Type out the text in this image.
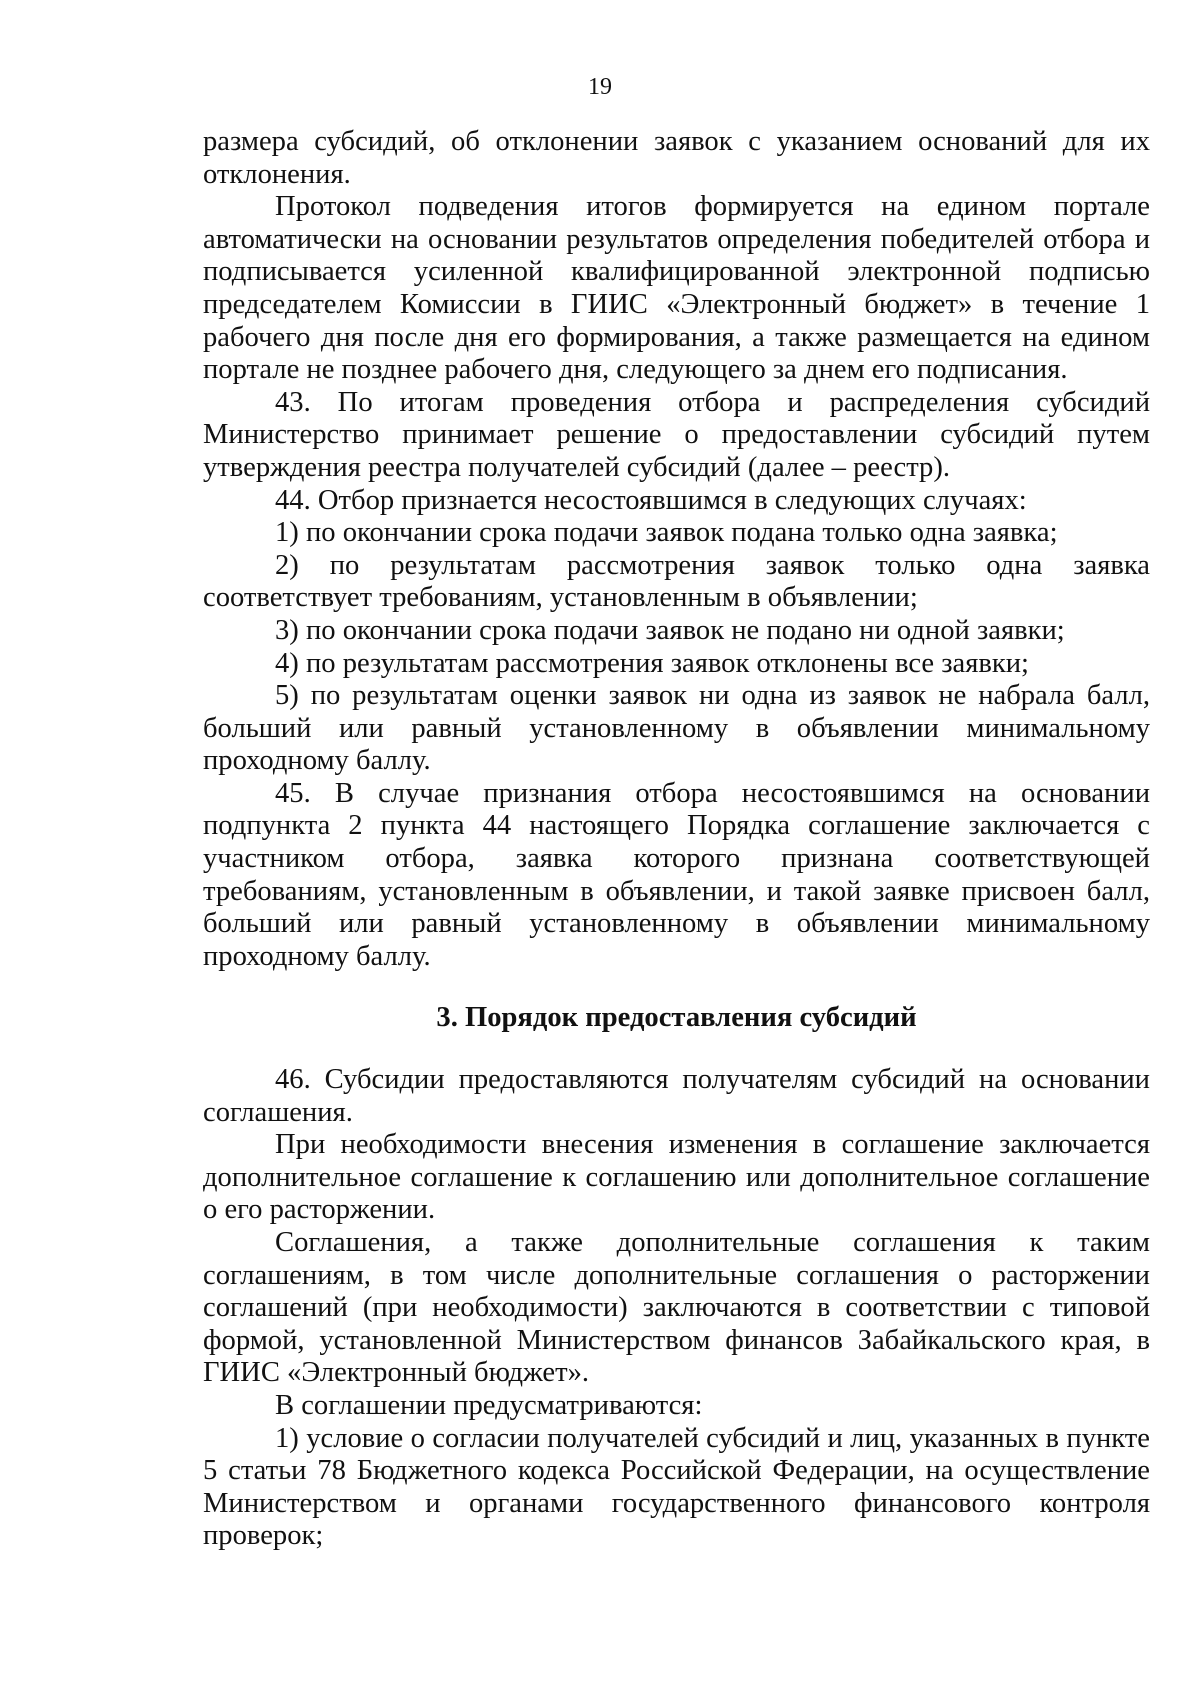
19

размера субсидий, об отклонении заявок с указанием оснований для их отклонения.

Протокол подведения итогов формируется на едином портале автоматически на основании результатов определения победителей отбора и подписывается усиленной квалифицированной электронной подписью председателем Комиссии в ГИИС «Электронный бюджет» в течение 1 рабочего дня после дня его формирования, а также размещается на едином портале не позднее рабочего дня, следующего за днем его подписания.

43. По итогам проведения отбора и распределения субсидий Министерство принимает решение о предоставлении субсидий путем утверждения реестра получателей субсидий (далее – реестр).

44. Отбор признается несостоявшимся в следующих случаях:

1) по окончании срока подачи заявок подана только одна заявка;

2) по результатам рассмотрения заявок только одна заявка соответствует требованиям, установленным в объявлении;

3) по окончании срока подачи заявок не подано ни одной заявки;

4) по результатам рассмотрения заявок отклонены все заявки;

5) по результатам оценки заявок ни одна из заявок не набрала балл, больший или равный установленному в объявлении минимальному проходному баллу.

45. В случае признания отбора несостоявшимся на основании подпункта 2 пункта 44 настоящего Порядка соглашение заключается с участником отбора, заявка которого признана соответствующей требованиям, установленным в объявлении, и такой заявке присвоен балл, больший или равный установленному в объявлении минимальному проходному баллу.

3. Порядок предоставления субсидий

46. Субсидии предоставляются получателям субсидий на основании соглашения.

При необходимости внесения изменения в соглашение заключается дополнительное соглашение к соглашению или дополнительное соглашение о его расторжении.

Соглашения, а также дополнительные соглашения к таким соглашениям, в том числе дополнительные соглашения о расторжении соглашений (при необходимости) заключаются в соответствии с типовой формой, установленной Министерством финансов Забайкальского края, в ГИИС «Электронный бюджет».

В соглашении предусматриваются:

1) условие о согласии получателей субсидий и лиц, указанных в пункте 5 статьи 78 Бюджетного кодекса Российской Федерации, на осуществление Министерством и органами государственного финансового контроля проверок;
